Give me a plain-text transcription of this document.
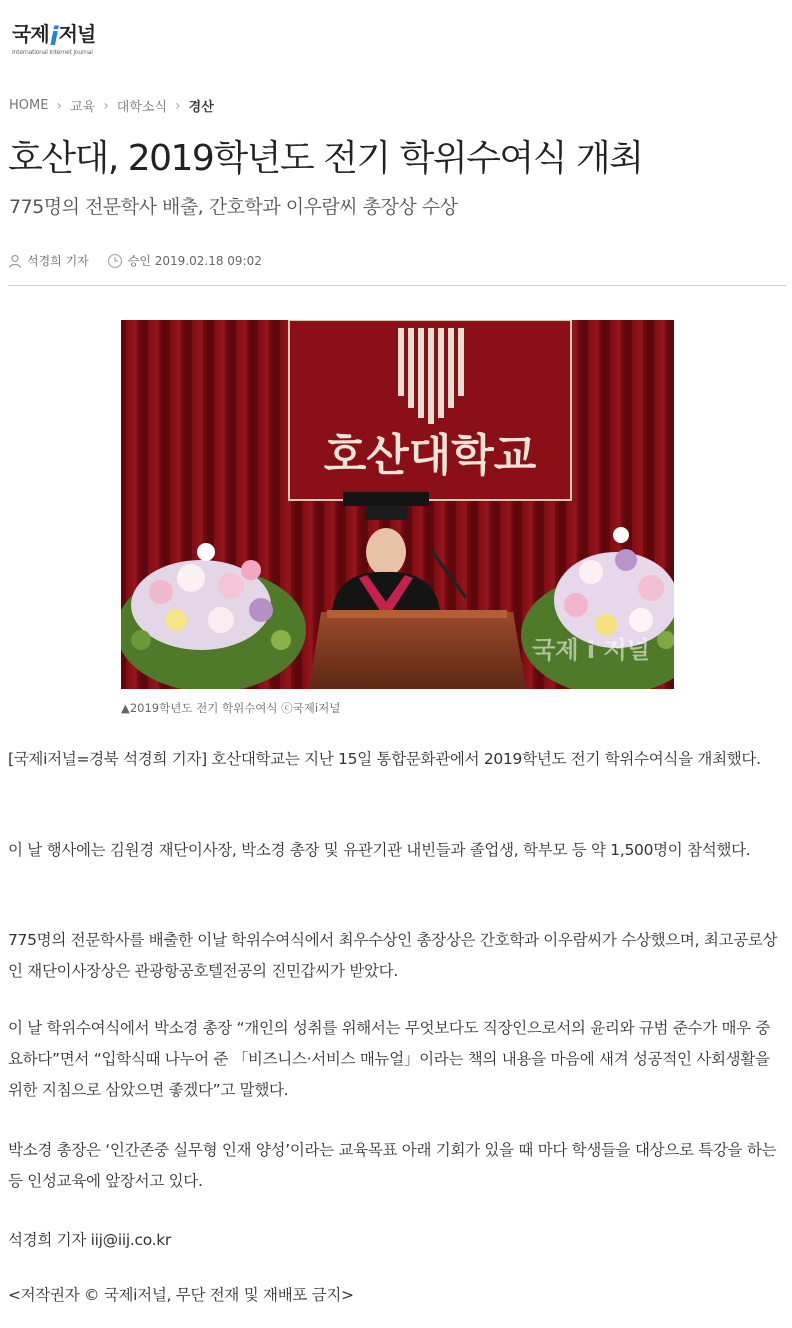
국제 i 저널
International Internet Journal
HOME › 교육 › 대학소식 › 경산
호산대, 2019학년도 전기 학위수여식 개최
775명의 전문학사 배출, 간호학과 이우람씨 총장상 수상
석경희 기자	승인 2019.02.18 09:02
호산대학교
국제 i 저널
▲2019학년도 전기 학위수여식 ⓒ국제i저널

[국제i저널=경북 석경희 기자] 호산대학교는 지난 15일 통합문화관에서 2019학년도 전기 학위수여식을 개최했다.

이 날 행사에는 김원경 재단이사장, 박소경 총장 및 유관기관 내빈들과 졸업생, 학부모 등 약 1,500명이 참석했다.

775명의 전문학사를 배출한 이날 학위수여식에서 최우수상인 총장상은 간호학과 이우람씨가 수상했으며, 최고공로상인 재단이사장상은 관광항공호텔전공의 진민갑씨가 받았다.

이 날 학위수여식에서 박소경 총장 “개인의 성취를 위해서는 무엇보다도 직장인으로서의 윤리와 규범 준수가 매우 중요하다”면서 “입학식때 나누어 준 「비즈니스·서비스 매뉴얼」이라는 책의 내용을 마음에 새겨 성공적인 사회생활을 위한 지침으로 삼았으면 좋겠다”고 말했다.

박소경 총장은 ‘인간존중 실무형 인재 양성’이라는 교육목표 아래 기회가 있을 때 마다 학생들을 대상으로 특강을 하는 등 인성교육에 앞장서고 있다.

석경희 기자 iij@iij.co.kr

<저작권자 © 국제i저널, 무단 전재 및 재배포 금지>
